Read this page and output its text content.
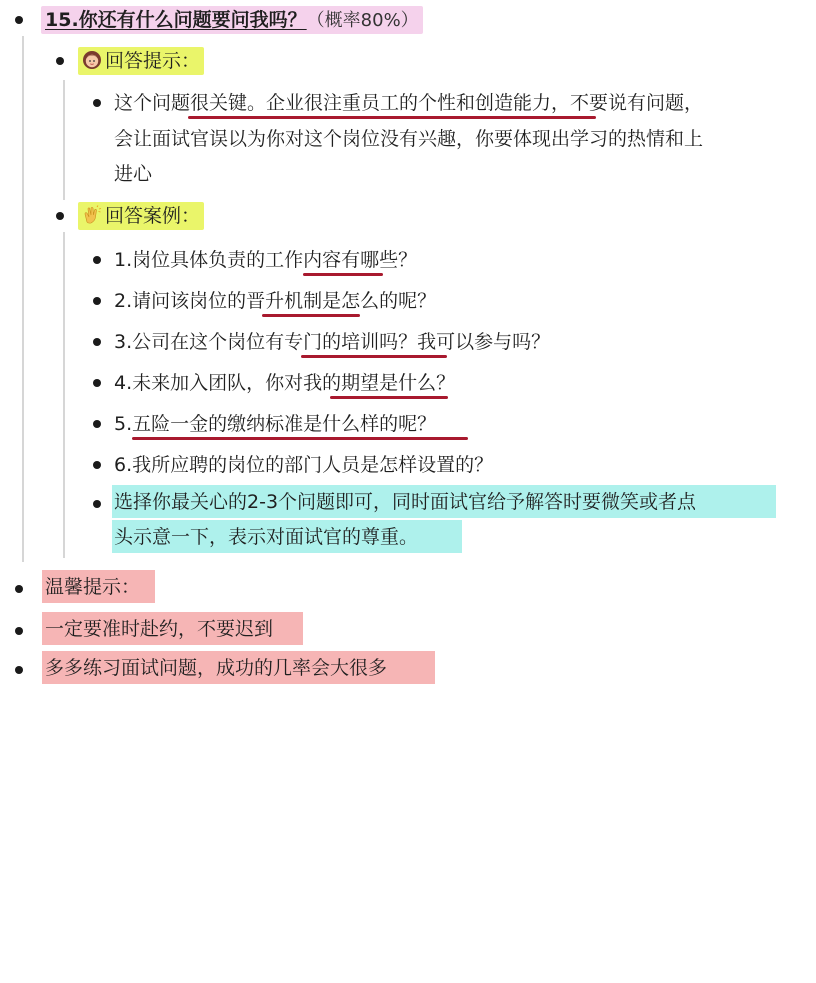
15.你还有什么问题要问我吗？（概率80%）
回答提示：
这个问题很关键。企业很注重员工的个性和创造能力，不要说有问题，
会让面试官误以为你对这个岗位没有兴趣，你要体现出学习的热情和上
进心
回答案例：
1.岗位具体负责的工作内容有哪些？
2.请问该岗位的晋升机制是怎么的呢？
3.公司在这个岗位有专门的培训吗？我可以参与吗？
4.未来加入团队，你对我的期望是什么？
5.五险一金的缴纳标准是什么样的呢？
6.我所应聘的岗位的部门人员是怎样设置的？
选择你最关心的2-3个问题即可，同时面试官给予解答时要微笑或者点
头示意一下，表示对面试官的尊重。
温馨提示：
一定要准时赴约，不要迟到
多多练习面试问题，成功的几率会大很多
